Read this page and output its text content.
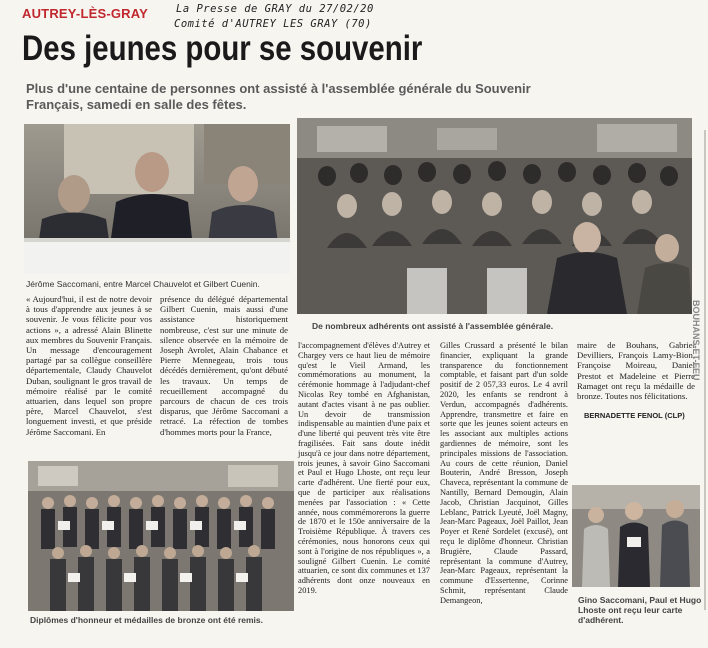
AUTREY-LÈS-GRAY	La Presse de GRAY du 27/02/20
Comité d'AUTREY LES GRAY (70)
Des jeunes pour se souvenir
Plus d'une centaine de personnes ont assisté à l'assemblée générale du Souvenir Français, samedi en salle des fêtes.
Jérôme Saccomani, entre Marcel Chauvelot et Gilbert Cuenin.
De nombreux adhérents ont assisté à l'assemblée générale.

« Aujourd'hui, il est de notre devoir à tous d'apprendre aux jeunes à se souvenir. Je vous félicite pour vos actions », a adressé Alain Blinette aux membres du Souvenir Français. Un message d'encouragement partagé par sa collègue conseillère départementale, Claudy Chauvelot Duban, soulignant le gros travail de mémoire réalisé par le comité attuarien, dans lequel son propre père, Marcel Chauvelot, s'est longuement investi, et que préside Jérôme Saccomani. En

présence du délégué départemental Gilbert Cuenin, mais aussi d'une assistance historiquement nombreuse, c'est sur une minute de silence observée en la mémoire de Joseph Avrolet, Alain Chabance et Pierre Mennegeau, trois tous décédés dernièrement, qu'ont débuté les travaux. Un temps de recueillement accompagné du parcours de chacun de ces trois disparus, que Jérôme Saccomani a retracé. La réfection de tombes d'hommes morts pour la France,

l'accompagnement d'élèves d'Autrey et Chargey vers ce haut lieu de mémoire qu'est le Vieil Armand, les commémorations au monument, la cérémonie hommage à l'adjudant-chef Nicolas Rey tombé en Afghanistan, autant d'actes visant à ne pas oublier. Un devoir de transmission indispensable au maintien d'une paix et d'une liberté qui peuvent très vite être fragilisées. Fait sans doute inédit jusqu'à ce jour dans notre département, trois jeunes, à savoir Gino Saccomani et Paul et Hugo Lhoste, ont reçu leur carte d'adhérent. Une fierté pour eux, que de participer aux réalisations menées par l'association : « Cette année, nous commémorerons la guerre de 1870 et le 150e anniversaire de la Troisième République. À travers ces cérémonies, nous honorons ceux qui sont à l'origine de nos républiques », a souligné Gilbert Cuenin. Le comité attuarien, ce sont dix communes et 137 adhérents dont onze nouveaux en 2019.

Gilles Crussard a présenté le bilan financier, expliquant la grande transparence du fonctionnement comptable, et faisant part d'un solde positif de 2 057,33 euros. Le 4 avril 2020, les enfants se rendront à Verdun, accompagnés d'adhérents. Apprendre, transmettre et faire en sorte que les jeunes soient acteurs en les associant aux multiples actions gardiennes de mémoire, sont les principales missions de l'association. Au cours de cette réunion, Daniel Bouterin, André Bresson, Joseph Chaveca, représentant la commune de Nantilly, Bernard Demougin, Alain Jacob, Christian Jacquinot, Gilles Leblanc, Patrick Lyeuté, Joël Magny, Jean-Marc Pageaux, Joël Paillot, Jean Poyer et René Sordelet (excusé), ont reçu le diplôme d'honneur. Christian Brugière, Claude Passard, représentant la commune d'Autrey, Jean-Marc Pageaux, représentant la commune d'Essertenne, Corinne Schmit, représentant Claude Demangeon,

maire de Bouhans, Gabriel Devilliers, François Lamy-Bion, Françoise Moireau, Daniel Prestot et Madeleine et Pierre Ramaget ont reçu la médaille de bronze. Toutes nos félicitations.

BERNADETTE FENOL (CLP)
Diplômes d'honneur et médailles de bronze ont été remis.
Gino Saccomani, Paul et Hugo Lhoste ont reçu leur carte d'adhérent.
BOUHANS-ET-FEU
